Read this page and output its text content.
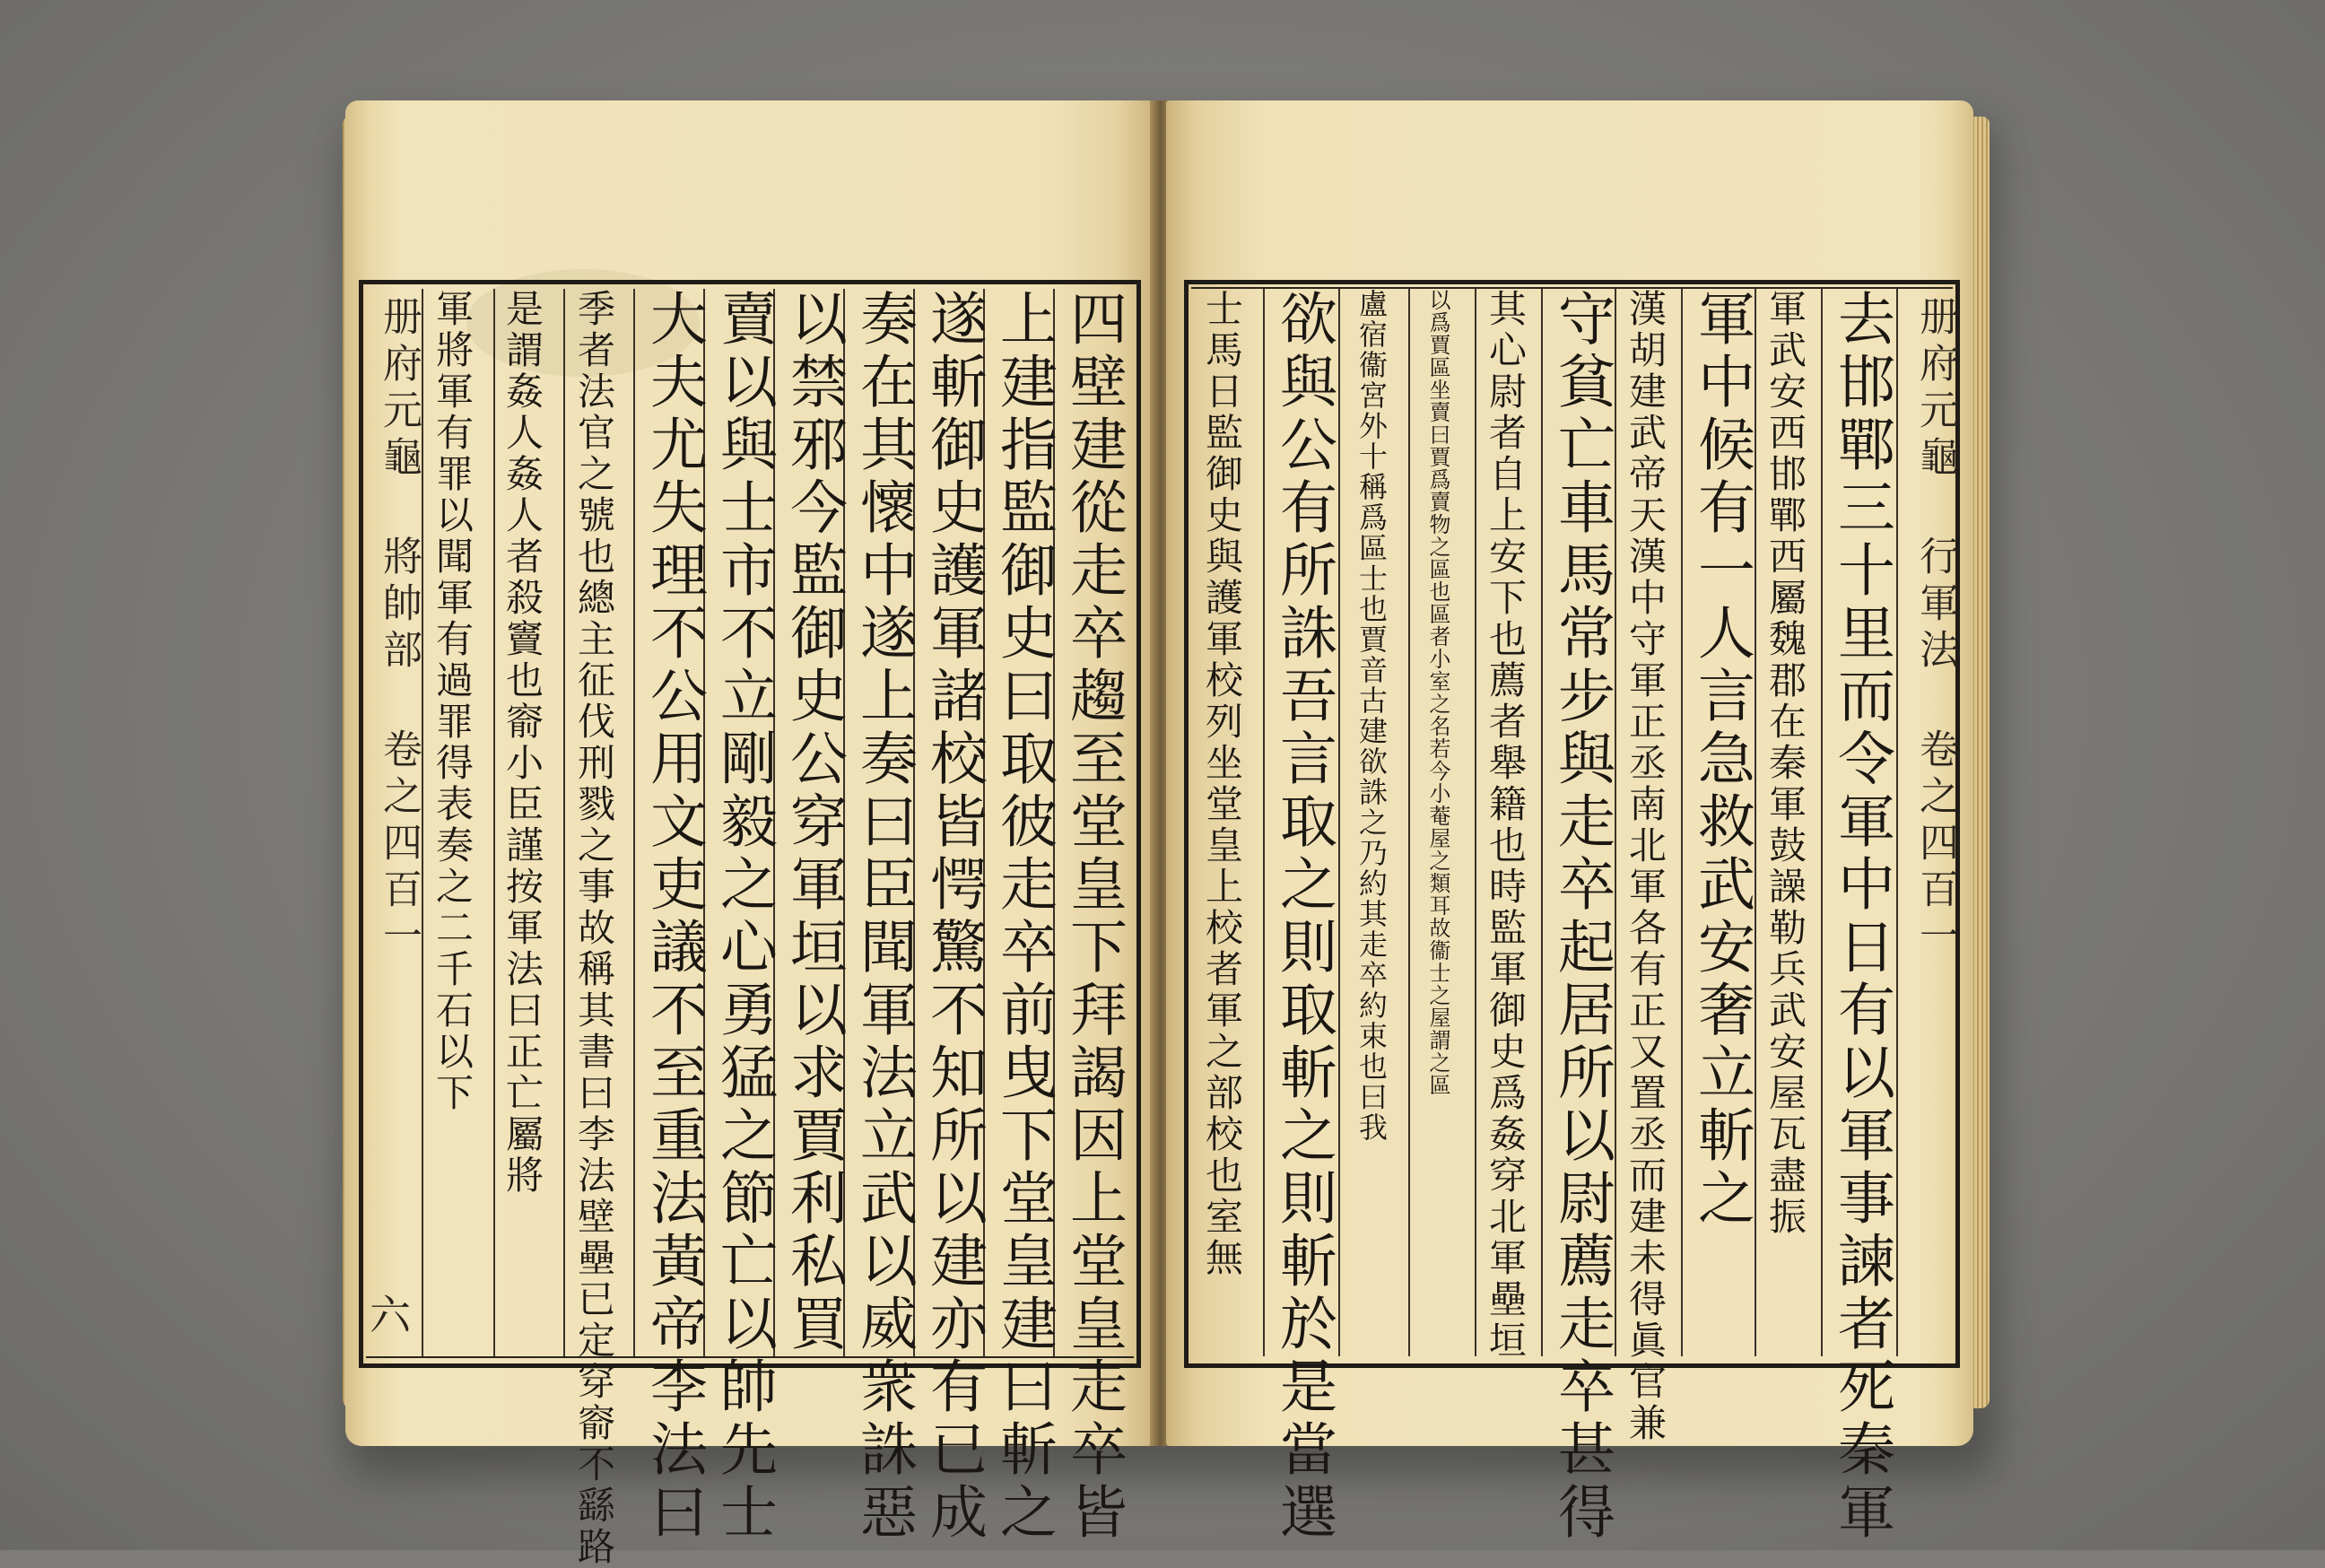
册府元龜 將帥部 卷之四百一
六	四壁建從走卒趨至堂皇下拜謁因上堂皇走卒皆
上建指監御史曰取彼走卒前曳下堂皇建曰斬之
遂斬御史護軍諸校皆愕驚不知所以建亦有已成
奏在其懷中遂上奏曰臣聞軍法立武以威衆誅惡
以禁邪今監御史公穿軍垣以求賈利私買
賣以與士市不立剛毅之心勇猛之節亡以帥先士
大夫尤失理不公用文吏議不至重法黃帝李法曰
季者法官之號也總主征伐刑戮之事故稱其書曰李法壁壘已定穿窬不繇路
是謂姦人姦人者殺竇也窬小臣謹按軍法曰正亡屬將
軍將軍有罪以聞軍有過罪得表奏之二千石以下	册府元龜 行軍法 卷之四百一
去邯鄲三十里而令軍中日有以軍事諫者死秦軍
軍武安西邯鄲西屬魏郡在秦軍鼓譟勒兵武安屋瓦盡振
軍中候有一人言急救武安奢立斬之
漢胡建武帝天漢中守軍正丞南北軍各有正又置丞而建未得眞官兼
守貧亡車馬常步與走卒起居所以尉薦走卒甚得
其心尉者自上安下也薦者舉籍也時監軍御史爲姦穿北軍壘垣
以爲賈區坐賣曰賈爲賣物之區也區者小室之名若今小菴屋之類耳故衞士之屋謂之區
盧宿衞宮外十稱爲區士也賈音古建欲誅之乃約其走卒約束也曰我
欲與公有所誅吾言取之則取斬之則斬於是當選
士馬日監御史與護軍校列坐堂皇上校者軍之部校也室無
